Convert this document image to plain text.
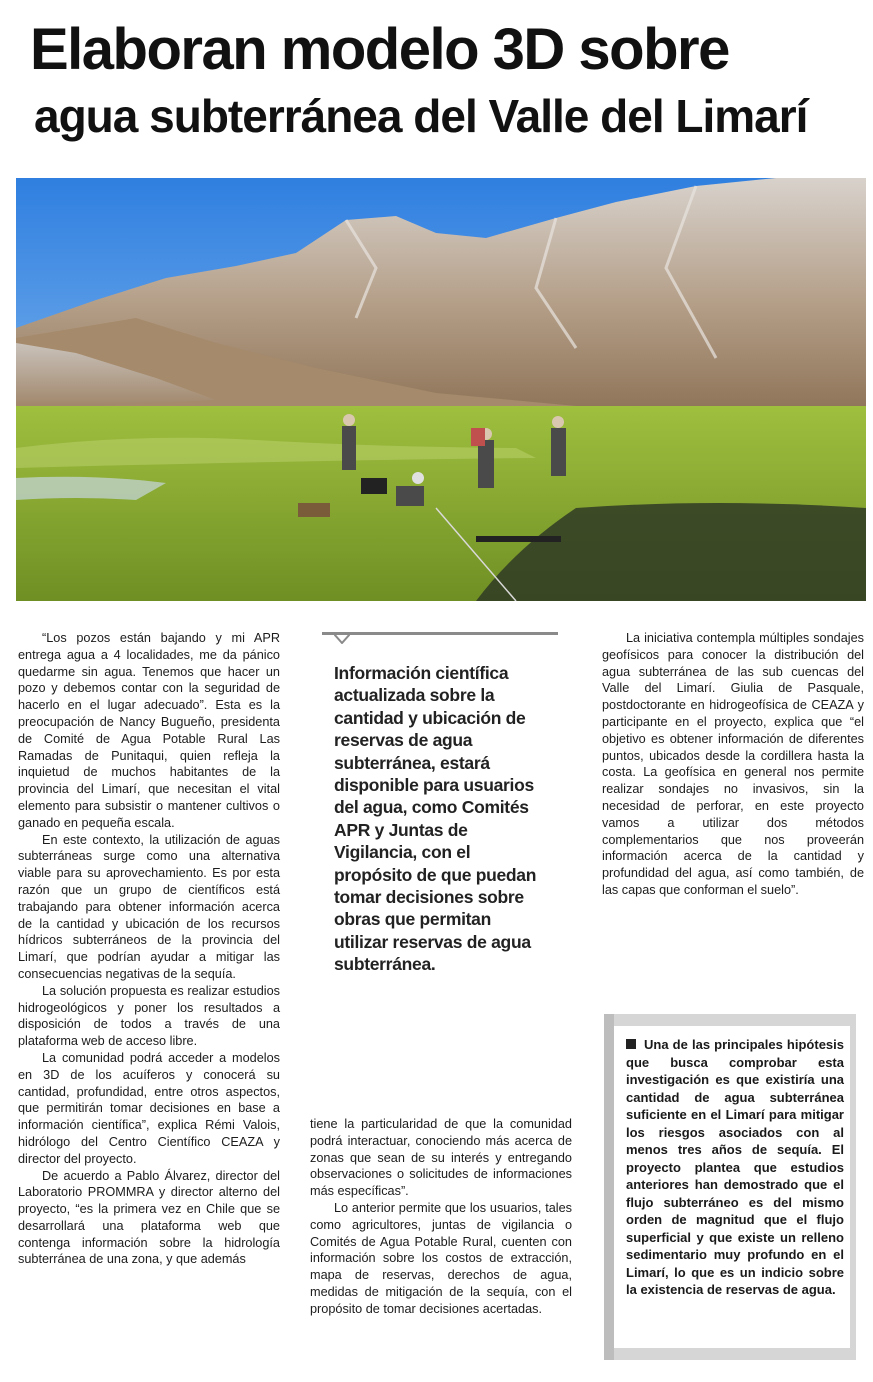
Elaboran modelo 3D sobre
agua subterránea del Valle del Limarí

“Los pozos están bajando y mi APR entrega agua a 4 localidades, me da pánico quedarme sin agua. Tenemos que hacer un pozo y debemos contar con la seguridad de hacerlo en el lugar adecuado”. Esta es la preocupación de Nancy Bugueño, presidenta de Comité de Agua Potable Rural Las Ramadas de Punitaqui, quien refleja la inquietud de muchos habitantes de la provincia del Limarí, que necesitan el vital elemento para subsistir o mantener cultivos o ganado en pequeña escala.

En este contexto, la utilización de aguas subterráneas surge como una alternativa viable para su aprovechamiento. Es por esta razón que un grupo de científicos está trabajando para obtener información acerca de la cantidad y ubicación de los recursos hídricos subterráneos de la provincia del Limarí, que podrían ayudar a mitigar las consecuencias negativas de la sequía.

La solución propuesta es realizar estudios hidrogeológicos y poner los resultados a disposición de todos a través de una plataforma web de acceso libre.

La comunidad podrá acceder a modelos en 3D de los acuíferos y conocerá su cantidad, profundidad, entre otros aspectos, que permitirán tomar decisiones en base a información científica”, explica Rémi Valois, hidrólogo del Centro Científico CEAZA y director del proyecto.

De acuerdo a Pablo Álvarez, director del Laboratorio PROMMRA y director alterno del proyecto, “es la primera vez en Chile que se desarrollará una plataforma web que contenga información sobre la hidrología subterránea de una zona, y que además

Información científica actualizada sobre la cantidad y ubicación de reservas de agua subterránea, estará disponible para usuarios del agua, como Comités APR y Juntas de Vigilancia, con el propósito de que puedan tomar decisiones sobre obras que permitan utilizar reservas de agua subterránea.

tiene la particularidad de que la comunidad podrá interactuar, conociendo más acerca de zonas que sean de su interés y entregando observaciones o solicitudes de informaciones más específicas”.

Lo anterior permite que los usuarios, tales como agricultores, juntas de vigilancia o Comités de Agua Potable Rural, cuenten con información sobre los costos de extracción, mapa de reservas, derechos de agua, medidas de mitigación de la sequía, con el propósito de tomar decisiones acertadas.

La iniciativa contempla múltiples sondajes geofísicos para conocer la distribución del agua subterránea de las sub cuencas del Valle del Limarí. Giulia de Pasquale, postdoctorante en hidrogeofísica de CEAZA y participante en el proyecto, explica que “el objetivo es obtener información de diferentes puntos, ubicados desde la cordillera hasta la costa. La geofísica en general nos permite realizar sondajes no invasivos, sin la necesidad de perforar, en este proyecto vamos a utilizar dos métodos complementarios que nos proveerán información acerca de la cantidad y profundidad del agua, así como también, de las capas que conforman el suelo”.

Una de las principales hipótesis que busca comprobar esta investigación es que existiría una cantidad de agua subterránea suficiente en el Limarí para mitigar los riesgos asociados con al menos tres años de sequía. El proyecto plantea que estudios anteriores han demostrado que el flujo subterráneo es del mismo orden de magnitud que el flujo superficial y que existe un relleno sedimentario muy profundo en el Limarí, lo que es un indicio sobre la existencia de reservas de agua.
